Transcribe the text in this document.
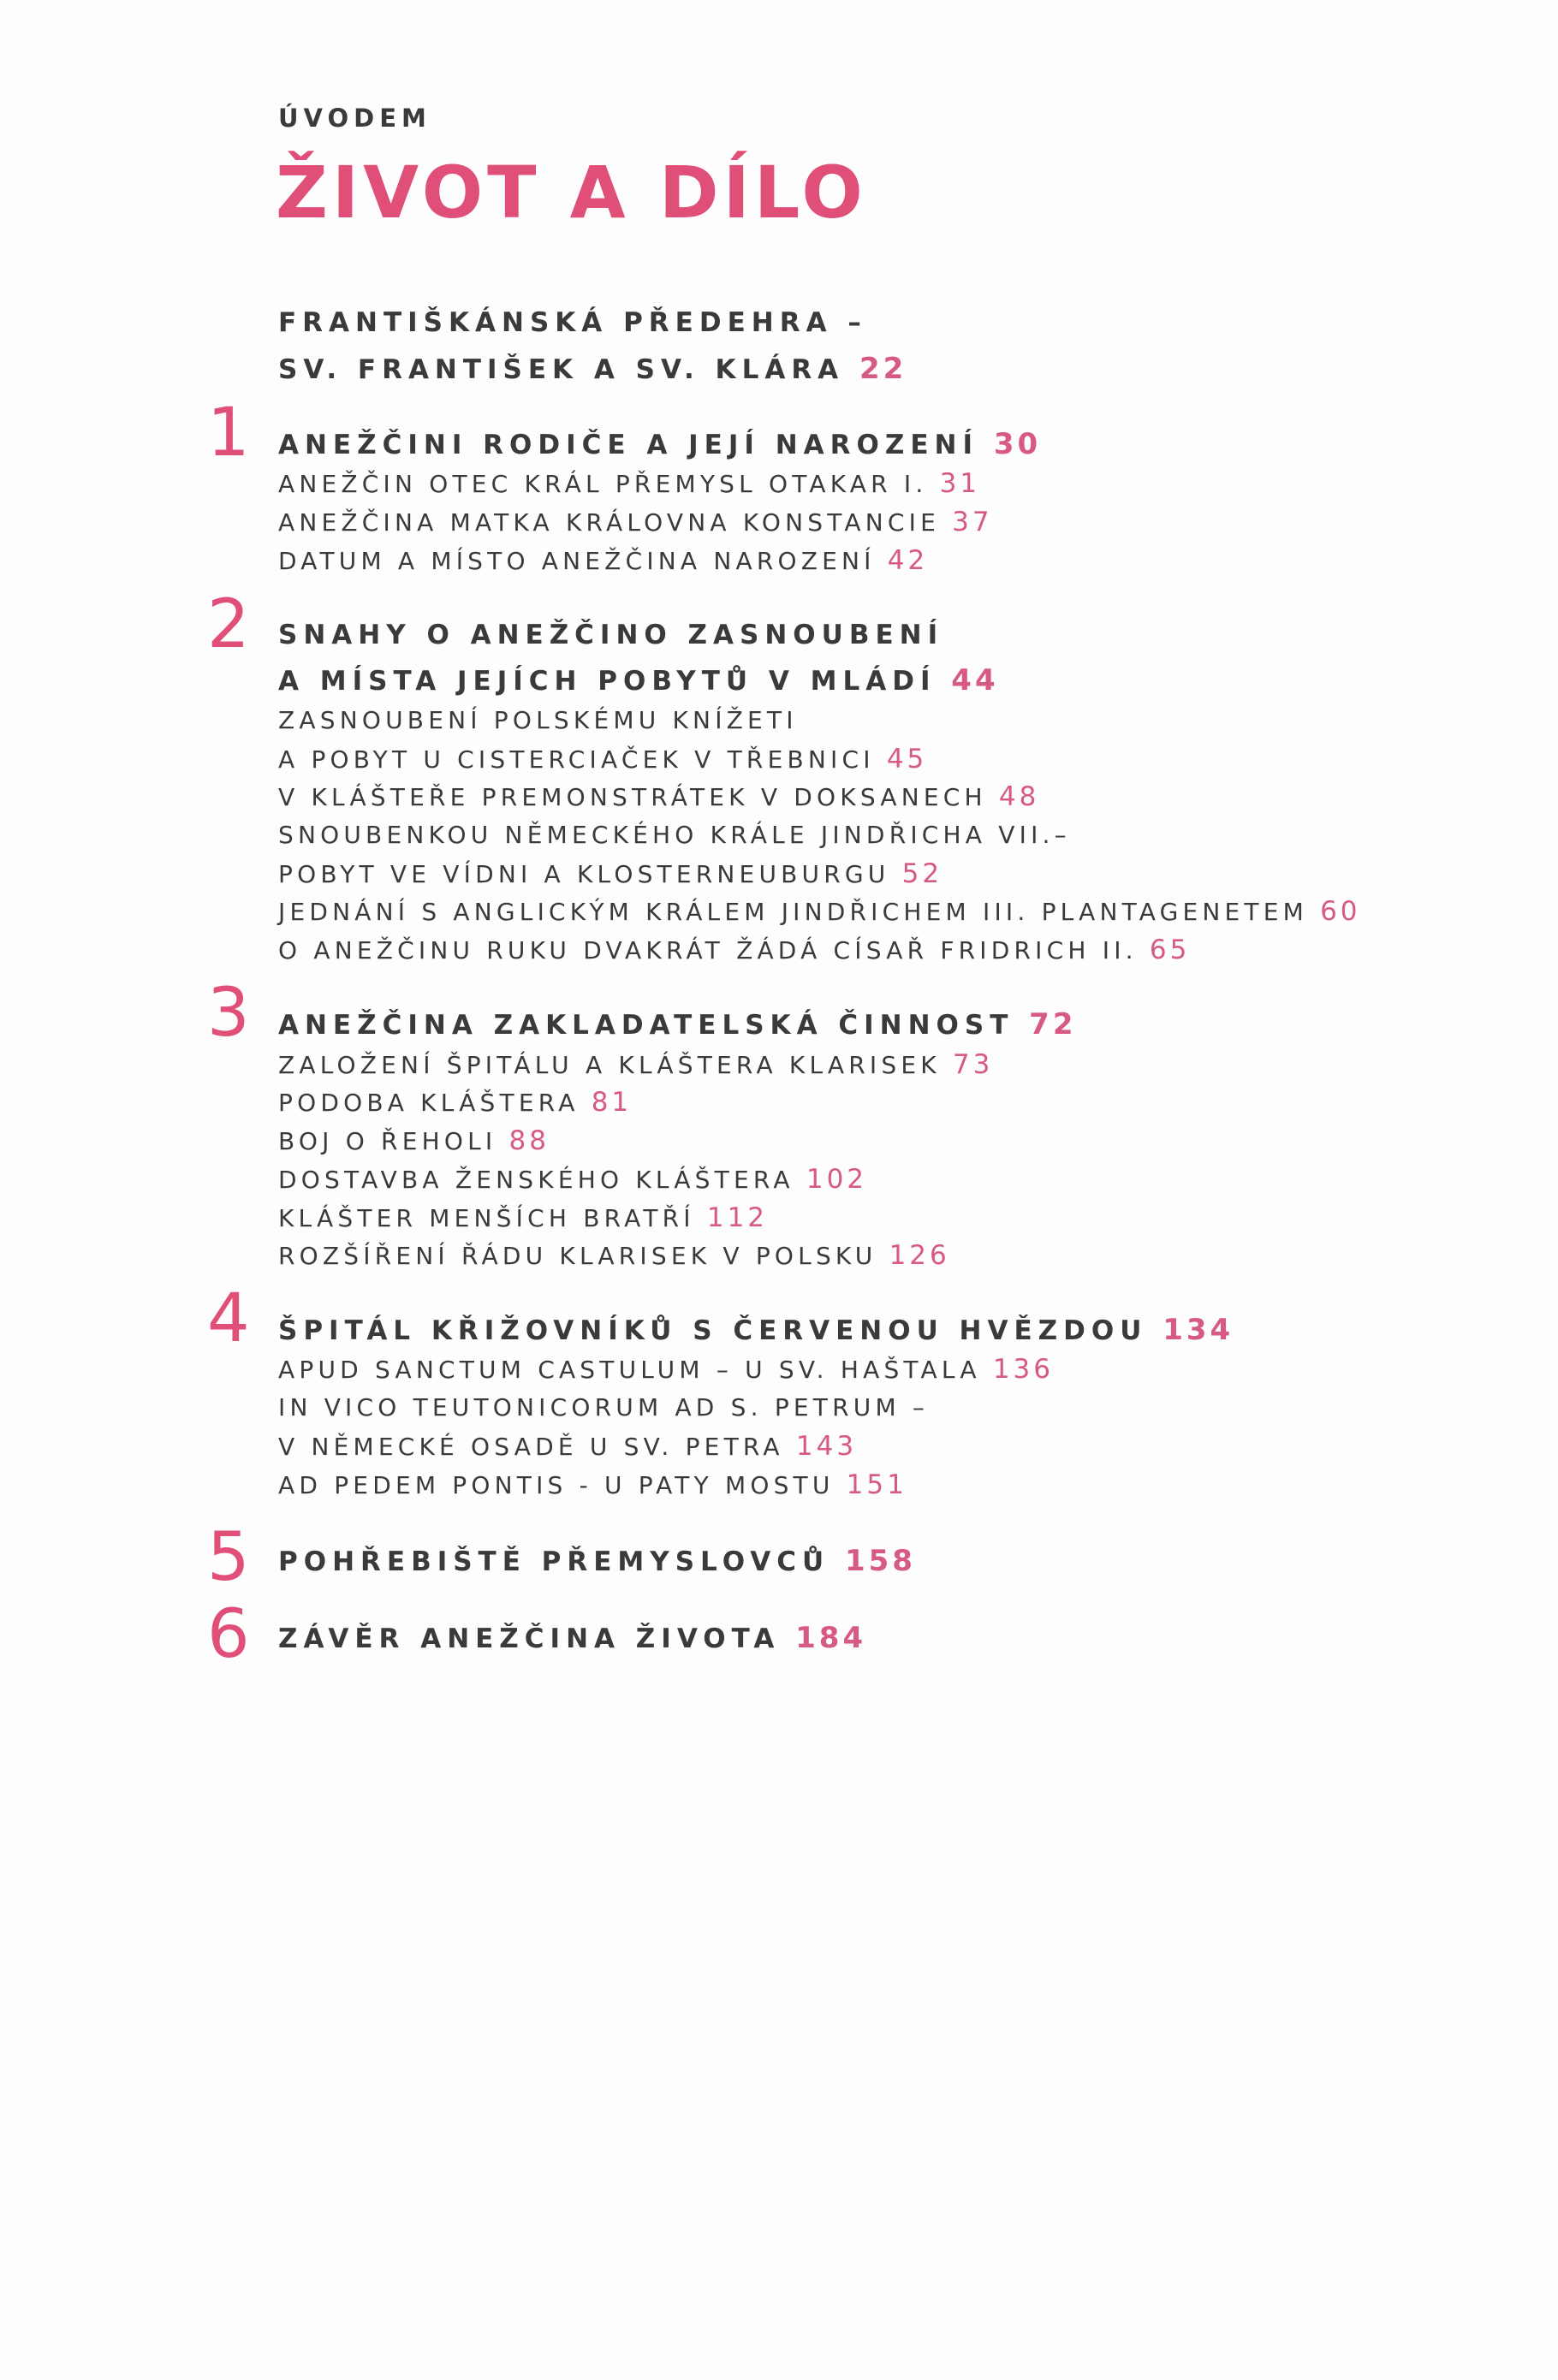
ÚVODEM
ŽIVOT A DÍLO
FRANTIŠKÁNSKÁ PŘEDEHRA –
SV. FRANTIŠEK A SV. KLÁRA 22
1 ANEŽČINI RODIČE A JEJÍ NAROZENÍ 30
ANEŽČIN OTEC KRÁL PŘEMYSL OTAKAR I. 31
ANEŽČINA MATKA KRÁLOVNA KONSTANCIE 37
DATUM A MÍSTO ANEŽČINA NAROZENÍ 42
2 SNAHY O ANEŽČINO ZASNOUBENÍ
A MÍSTA JEJÍCH POBYTŮ V MLÁDÍ 44
ZASNOUBENÍ POLSKÉMU KNÍŽETI
A POBYT U CISTERCIAČEK V TŘEBNICI 45
V KLÁŠTEŘE PREMONSTRÁTEK V DOKSANECH 48
SNOUBENKOU NĚMECKÉHO KRÁLE JINDŘICHA VII.–
POBYT VE VÍDNI A KLOSTERNEUBURGU 52
JEDNÁNÍ S ANGLICKÝM KRÁLEM JINDŘICHEM III. PLANTAGENETEM 60
O ANEŽČINU RUKU DVAKRÁT ŽÁDÁ CÍSAŘ FRIDRICH II. 65
3 ANEŽČINA ZAKLADATELSKÁ ČINNOST 72
ZALOŽENÍ ŠPITÁLU A KLÁŠTERA KLARISEK 73
PODOBA KLÁŠTERA 81
BOJ O ŘEHOLI 88
DOSTAVBA ŽENSKÉHO KLÁŠTERA 102
KLÁŠTER MENŠÍCH BRATŘÍ 112
ROZŠÍŘENÍ ŘÁDU KLARISEK V POLSKU 126
4 ŠPITÁL KŘIŽOVNÍKŮ S ČERVENOU HVĚZDOU 134
APUD SANCTUM CASTULUM – U SV. HAŠTALA 136
IN VICO TEUTONICORUM AD S. PETRUM –
V NĚMECKÉ OSADĚ U SV. PETRA 143
AD PEDEM PONTIS - U PATY MOSTU 151
5 POHŘEBIŠTĚ PŘEMYSLOVCŮ 158
6 ZÁVĚR ANEŽČINA ŽIVOTA 184
